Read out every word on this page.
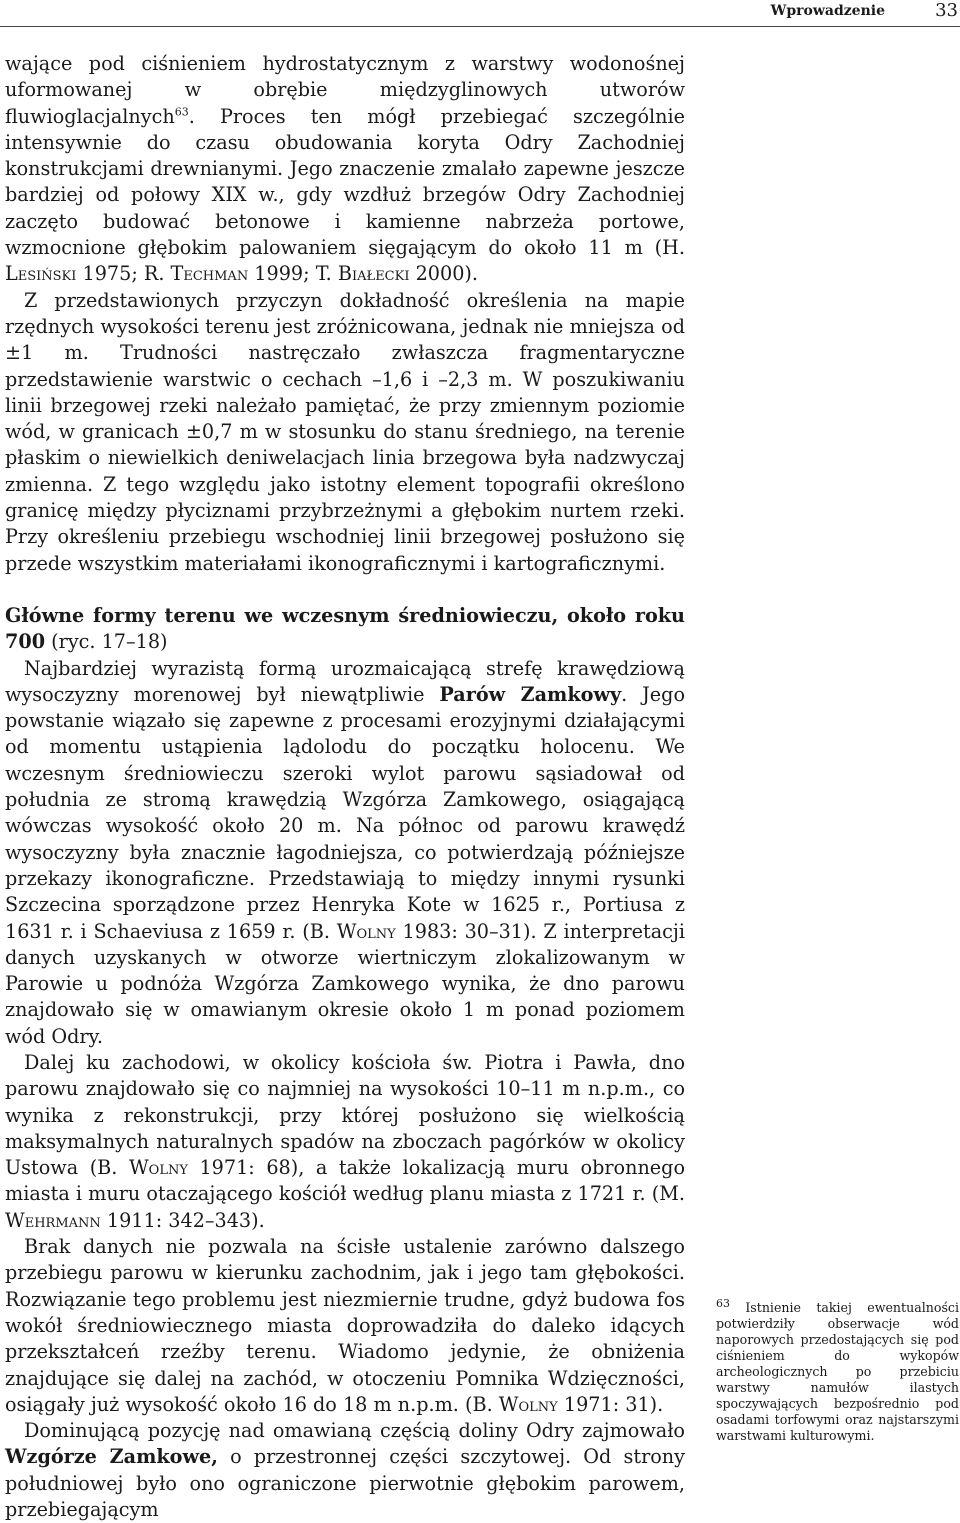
Wprowadzenie	33

wające pod ciśnieniem hydrostatycznym z warstwy wodonośnej uformowanej w obrębie międzyglinowych utworów fluwioglacjalnych$^{63}$. Proces ten mógł przebiegać szczególnie intensywnie do czasu obudowania koryta Odry Zachodniej konstrukcjami drewnianymi. Jego znaczenie zmalało zapewne jeszcze bardziej od połowy XIX w., gdy wzdłuż brzegów Odry Zachodniej zaczęto budować betonowe i kamienne nabrzeża portowe, wzmocnione głębokim palowaniem sięgającym do około 11 m (H. Lesiński 1975; R. Techman 1999; T. Białecki 2000).

Z przedstawionych przyczyn dokładność określenia na mapie rzędnych wysokości terenu jest zróżnicowana, jednak nie mniejsza od ±1 m. Trudności nastręczało zwłaszcza fragmentaryczne przedstawienie warstwic o cechach –1,6 i –2,3 m. W poszukiwaniu linii brzegowej rzeki należało pamiętać, że przy zmiennym poziomie wód, w granicach ±0,7 m w stosunku do stanu średniego, na terenie płaskim o niewielkich deniwelacjach linia brzegowa była nadzwyczaj zmienna. Z tego względu jako istotny element topografii określono granicę między płyciznami przybrzeżnymi a głębokim nurtem rzeki. Przy określeniu przebiegu wschodniej linii brzegowej posłużono się przede wszystkim materiałami ikonograficznymi i kartograficznymi.

Główne formy terenu we wczesnym średniowieczu, około roku 700 (ryc. 17–18)

Najbardziej wyrazistą formą urozmaicającą strefę krawędziową wysoczyzny morenowej był niewątpliwie Parów Zamkowy. Jego powstanie wiązało się zapewne z procesami erozyjnymi działającymi od momentu ustąpienia lądolodu do początku holocenu. We wczesnym średniowieczu szeroki wylot parowu sąsiadował od południa ze stromą krawędzią Wzgórza Zamkowego, osiągającą wówczas wysokość około 20 m. Na północ od parowu krawędź wysoczyzny była znacznie łagodniejsza, co potwierdzają późniejsze przekazy ikonograficzne. Przedstawiają to między innymi rysunki Szczecina sporządzone przez Henryka Kote w 1625 r., Portiusa z 1631 r. i Schaeviusa z 1659 r. (B. Wolny 1983: 30–31). Z interpretacji danych uzyskanych w otworze wiertniczym zlokalizowanym w Parowie u podnóża Wzgórza Zamkowego wynika, że dno parowu znajdowało się w omawianym okresie około 1 m ponad poziomem wód Odry.

Dalej ku zachodowi, w okolicy kościoła św. Piotra i Pawła, dno parowu znajdowało się co najmniej na wysokości 10–11 m n.p.m., co wynika z rekonstrukcji, przy której posłużono się wielkością maksymalnych naturalnych spadów na zboczach pagórków w okolicy Ustowa (B. Wolny 1971: 68), a także lokalizacją muru obronnego miasta i muru otaczającego kościół według planu miasta z 1721 r. (M. Wehrmann 1911: 342–343).

Brak danych nie pozwala na ścisłe ustalenie zarówno dalszego przebiegu parowu w kierunku zachodnim, jak i jego tam głębokości. Rozwiązanie tego problemu jest niezmiernie trudne, gdyż budowa fos wokół średniowiecznego miasta doprowadziła do daleko idących przekształceń rzeźby terenu. Wiadomo jedynie, że obniżenia znajdujące się dalej na zachód, w otoczeniu Pomnika Wdzięczności, osiągały już wysokość około 16 do 18 m n.p.m. (B. Wolny 1971: 31).

Dominującą pozycję nad omawianą częścią doliny Odry zajmowało Wzgórze Zamkowe, o przestronnej części szczytowej. Od strony południowej było ono ograniczone pierwotnie głębokim parowem, przebiegającym

$^{63}$ Istnienie takiej ewentualności potwierdziły obserwacje wód naporowych przedostających się pod ciśnieniem do wykopów archeologicznych po przebiciu warstwy namułów ilastych spoczywających bezpośrednio pod osadami torfowymi oraz najstarszymi warstwami kulturowymi.
